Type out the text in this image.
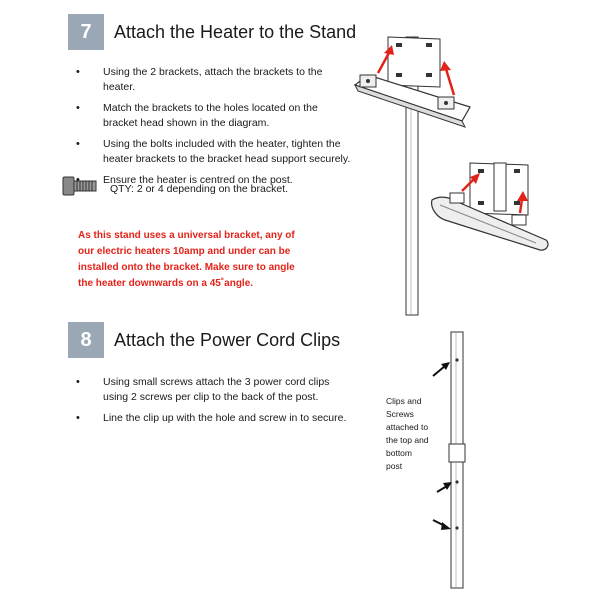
7	Attach the Heater to the Stand
• Using the 2 brackets, attach the brackets to the heater.
• Match the brackets to the holes located on the bracket head shown in the diagram.
• Using the bolts included with the heater, tighten the heater brackets to the bracket head support securely.
• Ensure the heater is centred on the post.
QTY: 2 or 4 depending on the bracket.
As this stand uses a universal bracket, any of
our electric heaters 10amp and under can be
installed onto the bracket. Make sure to angle
the heater downwards on a 45˚angle.
8	Attach the Power Cord Clips
• Using small screws attach the 3 power cord clips using 2 screws per clip to the back of the post.
• Line the clip up with the hole and screw in to secure.
Clips and
Screws
attached to
the top and
bottom
post
